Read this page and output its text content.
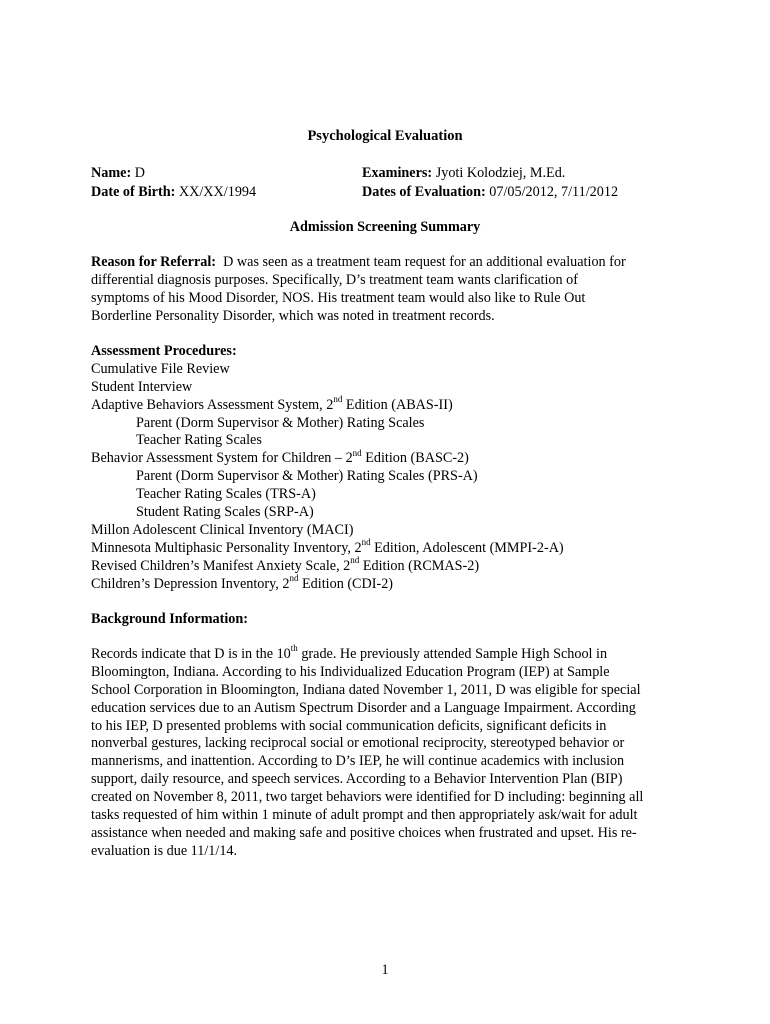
Psychological Evaluation
Name: D	Examiners: Jyoti Kolodziej, M.Ed.
Date of Birth: XX/XX/1994	Dates of Evaluation: 07/05/2012, 7/11/2012
Admission Screening Summary
Reason for Referral: D was seen as a treatment team request for an additional evaluation for
differential diagnosis purposes. Specifically, D’s treatment team wants clarification of
symptoms of his Mood Disorder, NOS. His treatment team would also like to Rule Out
Borderline Personality Disorder, which was noted in treatment records.
Assessment Procedures:
Cumulative File Review
Student Interview
Adaptive Behaviors Assessment System, 2nd Edition (ABAS-II)
Parent (Dorm Supervisor & Mother) Rating Scales
Teacher Rating Scales
Behavior Assessment System for Children – 2nd Edition (BASC-2)
Parent (Dorm Supervisor & Mother) Rating Scales (PRS-A)
Teacher Rating Scales (TRS-A)
Student Rating Scales (SRP-A)
Millon Adolescent Clinical Inventory (MACI)
Minnesota Multiphasic Personality Inventory, 2nd Edition, Adolescent (MMPI-2-A)
Revised Children’s Manifest Anxiety Scale, 2nd Edition (RCMAS-2)
Children’s Depression Inventory, 2nd Edition (CDI-2)
Background Information:
Records indicate that D is in the 10th grade. He previously attended Sample High School in
Bloomington, Indiana. According to his Individualized Education Program (IEP) at Sample
School Corporation in Bloomington, Indiana dated November 1, 2011, D was eligible for special
education services due to an Autism Spectrum Disorder and a Language Impairment. According
to his IEP, D presented problems with social communication deficits, significant deficits in
nonverbal gestures, lacking reciprocal social or emotional reciprocity, stereotyped behavior or
mannerisms, and inattention. According to D’s IEP, he will continue academics with inclusion
support, daily resource, and speech services. According to a Behavior Intervention Plan (BIP)
created on November 8, 2011, two target behaviors were identified for D including: beginning all
tasks requested of him within 1 minute of adult prompt and then appropriately ask/wait for adult
assistance when needed and making safe and positive choices when frustrated and upset. His re-
evaluation is due 11/1/14.
1
